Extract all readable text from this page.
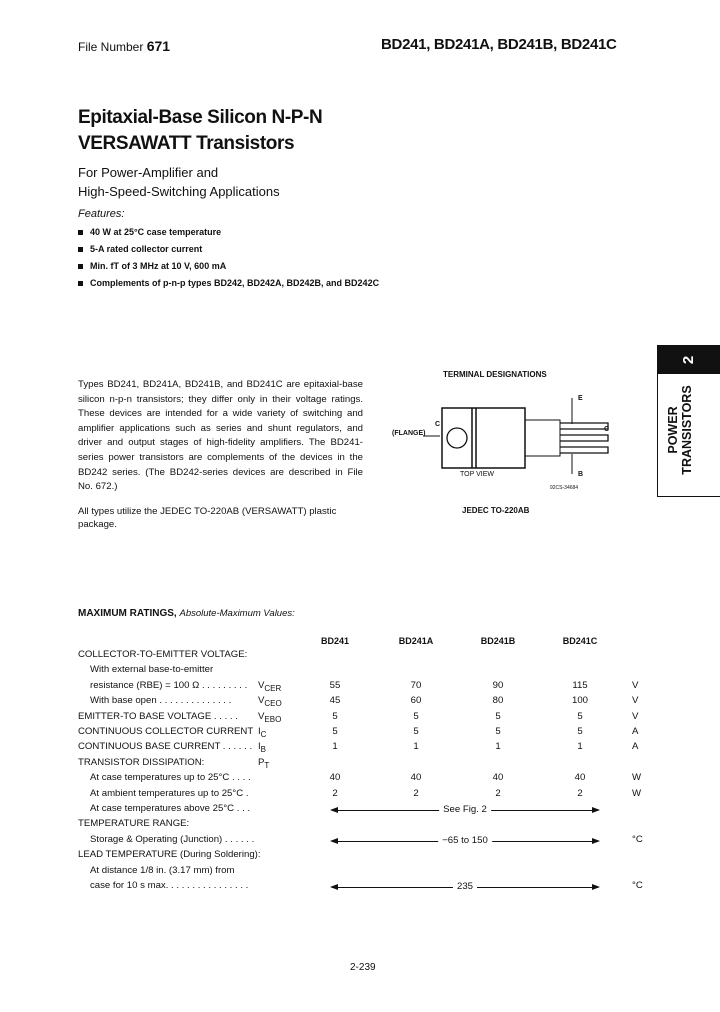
File Number 671	BD241, BD241A, BD241B, BD241C
Epitaxial-Base Silicon N-P-N
VERSAWATT Transistors
For Power-Amplifier and
High-Speed-Switching Applications
Features:
40 W at 25°C case temperature
5-A rated collector current
Min. fT of 3 MHz at 10 V, 600 mA
Complements of p-n-p types BD242, BD242A, BD242B, and BD242C
Types BD241, BD241A, BD241B, and BD241C are epitaxial-base silicon n-p-n transistors; they differ only in their voltage ratings. These devices are intended for a wide variety of switching and amplifier applications such as series and shunt regulators, and driver and output stages of high-fidelity amplifiers. The BD241-series power transistors are complements of the devices in the BD242 series. (The BD242-series devices are described in File No. 672.)
All types utilize the JEDEC TO-220AB (VERSAWATT) plastic package.
TERMINAL DESIGNATIONS
C
(FLANGE)
E
C
B
TOP VIEW
92CS-34684
JEDEC TO-220AB
2
POWER TRANSISTORS
MAXIMUM RATINGS, Absolute-Maximum Values:
BD241	BD241A	BD241B	BD241C
COLLECTOR-TO-EMITTER VOLTAGE:
With external base-to-emitter
resistance (RBE) = 100 Ω . . . . . . . . . $V_{CER}$	55	70	90	115	V
With base open . . . . . . . . . . . . . .	$V_{CEO}$	45	60	80	100	V
EMITTER-TO BASE VOLTAGE . . . . . $V_{EBO}$	5	5	5	5	V
CONTINUOUS COLLECTOR CURRENT $I_C$	5	5	5	5	A
CONTINUOUS BASE CURRENT . . . . . . $I_B$	1	1	1	1	A
TRANSISTOR DISSIPATION:	$P_T$
At case temperatures up to 25°C . . . .	40	40	40	40	W
At ambient temperatures up to 25°C .	2	2	2	2	W
At case temperatures above 25°C . . .	See Fig. 2
TEMPERATURE RANGE:
Storage & Operating (Junction) . . . . . .	−65 to 150	°C
LEAD TEMPERATURE (During Soldering):
At distance 1/8 in. (3.17 mm) from
case for 10 s max. . . . . . . . . . . . . . . .	235	°C
2-239
